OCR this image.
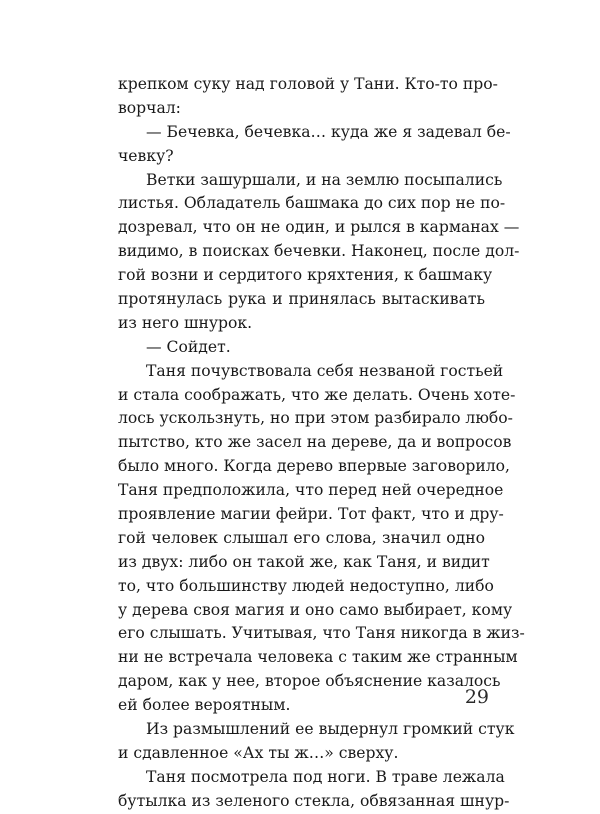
крепком суку над головой у Тани. Кто-то про-
ворчал:
— Бечевка, бечевка… куда же я задевал бе-
чевку?
Ветки зашуршали, и на землю посыпались
листья. Обладатель башмака до сих пор не по-
дозревал, что он не один, и рылся в карманах —
видимо, в поисках бечевки. Наконец, после дол-
гой возни и сердитого кряхтения, к башмаку
протянулась рука и принялась вытаскивать
из него шнурок.
— Сойдет.
Таня почувствовала себя незваной гостьей
и стала соображать, что же делать. Очень хоте-
лось ускользнуть, но при этом разбирало любо-
пытство, кто же засел на дереве, да и вопросов
было много. Когда дерево впервые заговорило,
Таня предположила, что перед ней очередное
проявление магии фейри. Тот факт, что и дру-
гой человек слышал его слова, значил одно
из двух: либо он такой же, как Таня, и видит
то, что большинству людей недоступно, либо
у дерева своя магия и оно само выбирает, кому
его слышать. Учитывая, что Таня никогда в жиз-
ни не встречала человека с таким же странным
даром, как у нее, второе объяснение казалось
ей более вероятным.
Из размышлений ее выдернул громкий стук
и сдавленное «Ах ты ж…» сверху.
Таня посмотрела под ноги. В траве лежала
бутылка из зеленого стекла, обвязанная шнур-
29
